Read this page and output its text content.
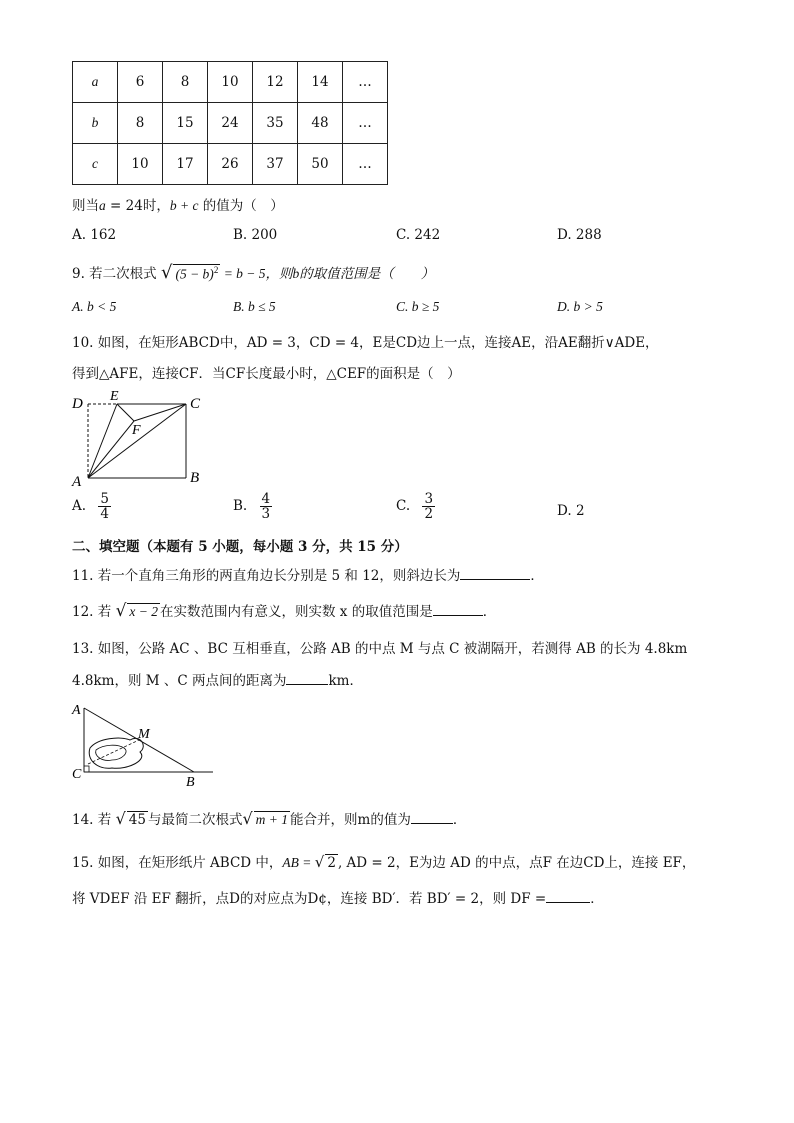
a	6	8	10	12	14	…
b	8	15	24	35	48	…
c	10	17	26	37	50	…
则当a = 24时，b + c 的值为（　）
A. 162	B. 200	C. 242	D. 288
9. 若二次根式 √ $(5 - b)^2 = b - 5$，则b的取值范围是（　　）
A. b < 5	B. b ≤ 5	C. b ≥ 5	D. b > 5
10. 如图，在矩形ABCD中，AD = 3，CD = 4，E是CD边上一点，连接AE，沿AE翻折∨ADE，
得到△AFE，连接CF．当CF长度最小时，△CEF的面积是（　）
D E	C
F
A	B
A. $\frac{5}{4}$	B. $\frac{4}{3}$	C. $\frac{3}{2}$	D. 2
二、填空题（本题有 5 小题，每小题 3 分，共 15 分）
11. 若一个直角三角形的两直角边长分别是 5 和 12，则斜边长为	．
12. 若 √ x − 2 在实数范围内有意义，则实数 x 的取值范围是	．
13. 如图，公路 AC 、BC 互相垂直，公路 AB 的中点 M 与点 C 被湖隔开，若测得 AB 的长为 4.8km
4.8km，则 M 、C 两点间的距离为	km．
A
M
C
B
14. 若 √ 45 与最简二次根式√ m + 1 能合并，则m的值为	．
15. 如图，在矩形纸片 ABCD 中，AB = √ 2 , AD = 2，E为边 AD 的中点，点F 在边CD上，连接 EF，
将 VDEF 沿 EF 翻折，点D的对应点为D¢，连接 BD′．若 BD′ = 2，则 DF =	．
